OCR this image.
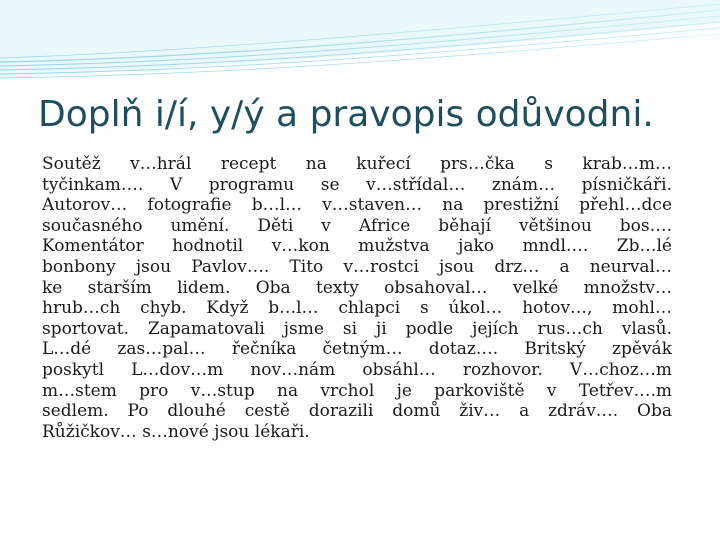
Doplň i/í, y/ý a pravopis odůvodni.
Soutěž v…hrál recept na kuřecí prs…čka s krab…m…
tyčinkam…. V programu se v…střídal… znám… písničkáři.
Autorov… fotografie b…l… v…staven… na prestižní přehl…dce
současného umění. Děti v Africe běhají většinou bos….
Komentátor hodnotil v…kon mužstva jako mndl…. Zb…lé
bonbony jsou Pavlov…. Tito v…rostci jsou drz… a neurval…
ke starším lidem. Oba texty obsahoval… velké množstv…
hrub…ch chyb. Když b…l… chlapci s úkol… hotov…, mohl…
sportovat. Zapamatovali jsme si ji podle jejích rus…ch vlasů.
L…dé zas…pal… řečníka četným… dotaz…. Britský zpěvák
poskytl L…dov…m nov…nám obsáhl… rozhovor. V…choz…m
m…stem pro v…stup na vrchol je parkoviště v Tetřev….m
sedlem. Po dlouhé cestě dorazili domů živ… a zdráv…. Oba
Růžičkov… s…nové jsou lékaři.
